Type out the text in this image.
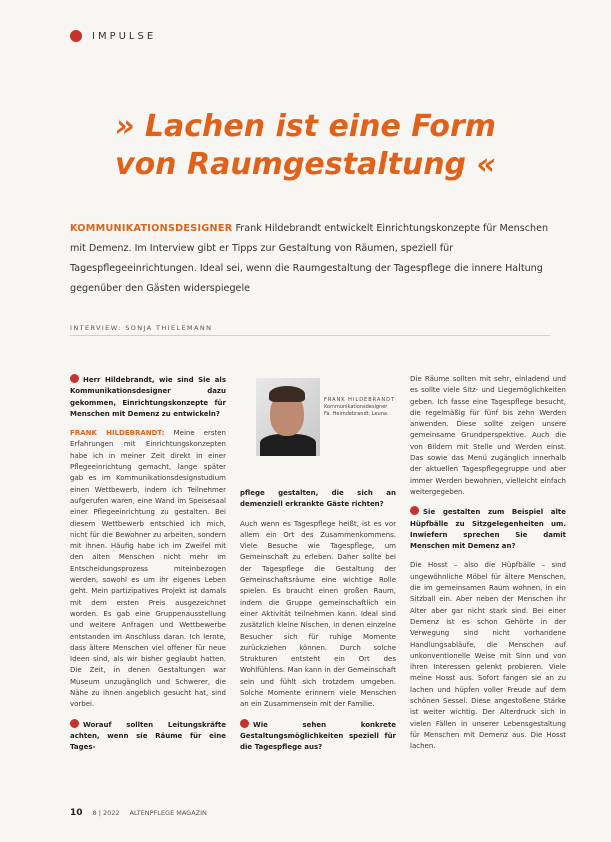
IMPULSE
» Lachen ist eine Form
von Raumgestaltung «
KOMMUNIKATIONSDESIGNER Frank Hildebrandt entwickelt Einrichtungskonzepte für Menschen mit Demenz. Im Interview gibt er Tipps zur Gestaltung von Räumen, speziell für Tagespflegeeinrichtungen. Ideal sei, wenn die Raumgestaltung der Tagespflege die innere Haltung gegenüber den Gästen widerspiegele
INTERVIEW: SONJA THIELEMANN

Herr Hildebrandt, wie sind Sie als Kommunikationsdesigner dazu gekommen, Einrichtungskonzepte für Menschen mit Demenz zu entwickeln?

FRANK HILDEBRANDT: Meine ersten Erfahrungen mit Einrichtungskonzepten habe ich in meiner Zeit direkt in einer Pflegeeinrichtung gemacht, lange später gab es im Kommunikationsdesignstudium einen Wettbewerb, indem ich Teilnehmer aufgerufen waren, eine Wand im Speisesaal einer Pflegeeinrichtung zu gestalten. Bei diesem Wettbewerb entschied ich mich, nicht für die Bewohner zu arbeiten, sondern mit ihnen. Häufig habe ich im Zweifel mit den alten Menschen nicht mehr im Entscheidungsprozess miteinbezogen werden, sowohl es um ihr eigenes Leben geht. Mein partizipatives Projekt ist damals mit dem ersten Preis ausgezeichnet worden. Es gab eine Gruppenausstellung und weitere Anfragen und Wettbewerbe entstanden im Anschluss daran. Ich lernte, dass ältere Menschen viel offener für neue Ideen sind, als wir bisher geglaubt hatten. Die Zeit, in denen Gestaltungen war Museum unzugänglich und Schwerer, die Nähe zu ihnen angeblich gesucht hat, sind vorbei.

Worauf sollten Leitungskräfte achten, wenn sie Räume für eine Tages-

FRANK HILDEBRANDT
Kommunikationsdesigner
Fa. Heimdebrandt, Leuna

pflege gestalten, die sich an demenziell erkrankte Gäste richten?

Auch wenn es Tagespflege heißt, ist es vor allem ein Ort des Zusammenkommens. Viele Besuche wie Tagespflege, um Gemeinschaft zu erleben. Daher sollte bei der Tagespflege die Gestaltung der Gemeinschaftsräume eine wichtige Rolle spielen. Es braucht einen großen Raum, indem die Gruppe gemeinschaftlich ein einer Aktivität teilnehmen kann. Ideal sind zusätzlich kleine Nischen, in denen einzelne Besucher sich für ruhige Momente zurückziehen können. Durch solche Strukturen entsteht ein Ort des Wohlfühlens. Man kann in der Gemeinschaft sein und fühlt sich trotzdem umgeben. Solche Momente erinnern viele Menschen an ein Zusammensein mit der Familie.

Wie sehen konkrete Gestaltungsmöglichkeiten speziell für die Tagespflege aus?

Die Räume sollten mit sehr, einladend und es sollte viele Sitz- und Liegemöglichkeiten geben. Ich fasse eine Tagespflege besucht, die regelmäßig für fünf bis zehn Werden anwenden. Diese sollte zeigen unsere gemeinsame Grundperspektive. Auch die von Bildern mit Stelle und Werden einst. Das sowie das Menü zugänglich innerhalb der aktuellen Tagespflegegruppe und aber immer Werden bewohnen, vielleicht einfach weitergegeben.

Sie gestalten zum Beispiel alte Hüpfbälle zu Sitzgelegenheiten um. Inwiefern sprechen Sie damit Menschen mit Demenz an?

Die Hosst – also die Hüpfbälle – sind ungewöhnliche Möbel für ältere Menschen, die im gemeinsamen Raum wohnen, in ein Sitzball ein. Aber neben der Menschen ihr Alter aber gar nicht stark sind. Bei einer Demenz ist es schon Gehörte in der Verwegung sind nicht vorhandene Handlungsabläufe, die Menschen auf unkonventionelle Weise mit Sinn und von ihren Interessen gelenkt probieren. Viele meine Hosst aus. Sofort fangen sie an zu lachen und hüpfen voller Freude auf dem schönen Sessel. Diese angestoßene Stärke ist weiter wichtig. Der Alterdruck sich in vielen Fällen in unserer Lebensgestaltung für Menschen mit Demenz aus. Die Hosst lachen.

10 8 | 2022 ALTENPFLEGE MAGAZIN
